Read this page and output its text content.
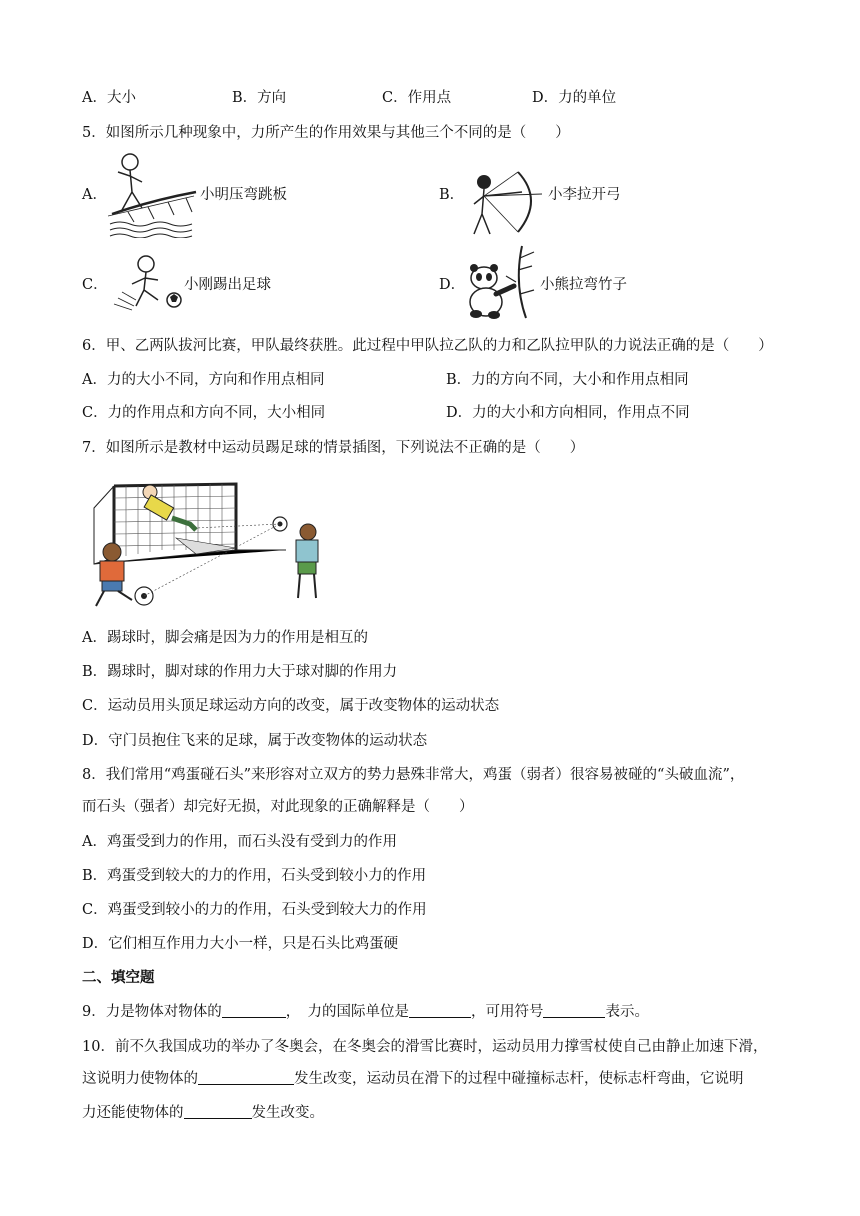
A．大小	B．方向	C．作用点	D．力的单位
5．如图所示几种现象中，力所产生的作用效果与其他三个不同的是（　　）
A．	小明压弯跳板	B．	小李拉开弓
C．	小刚踢出足球	D．	小熊拉弯竹子
6．甲、乙两队拔河比赛，甲队最终获胜。此过程中甲队拉乙队的力和乙队拉甲队的力说法正确的是（　　）
A．力的大小不同，方向和作用点相同	B．力的方向不同，大小和作用点相同
C．力的作用点和方向不同，大小相同	D．力的大小和方向相同，作用点不同
7．如图所示是教材中运动员踢足球的情景插图，下列说法不正确的是（　　）
A．踢球时，脚会痛是因为力的作用是相互的
B．踢球时，脚对球的作用力大于球对脚的作用力
C．运动员用头顶足球运动方向的改变，属于改变物体的运动状态
D．守门员抱住飞来的足球，属于改变物体的运动状态
8．我们常用“鸡蛋碰石头”来形容对立双方的势力悬殊非常大，鸡蛋（弱者）很容易被碰的“头破血流”，
而石头（强者）却完好无损，对此现象的正确解释是（　　）
A．鸡蛋受到力的作用，而石头没有受到力的作用
B．鸡蛋受到较大的力的作用，石头受到较小力的作用
C．鸡蛋受到较小的力的作用，石头受到较大力的作用
D．它们相互作用力大小一样，只是石头比鸡蛋硬
二、填空题
9．力是物体对物体的	，　力的国际单位是	，可用符号	表示。
10．前不久我国成功的举办了冬奥会，在冬奥会的滑雪比赛时，运动员用力撑雪杖使自己由静止加速下滑，
这说明力使物体的	发生改变，运动员在滑下的过程中碰撞标志杆，使标志杆弯曲，它说明
力还能使物体的	发生改变。
